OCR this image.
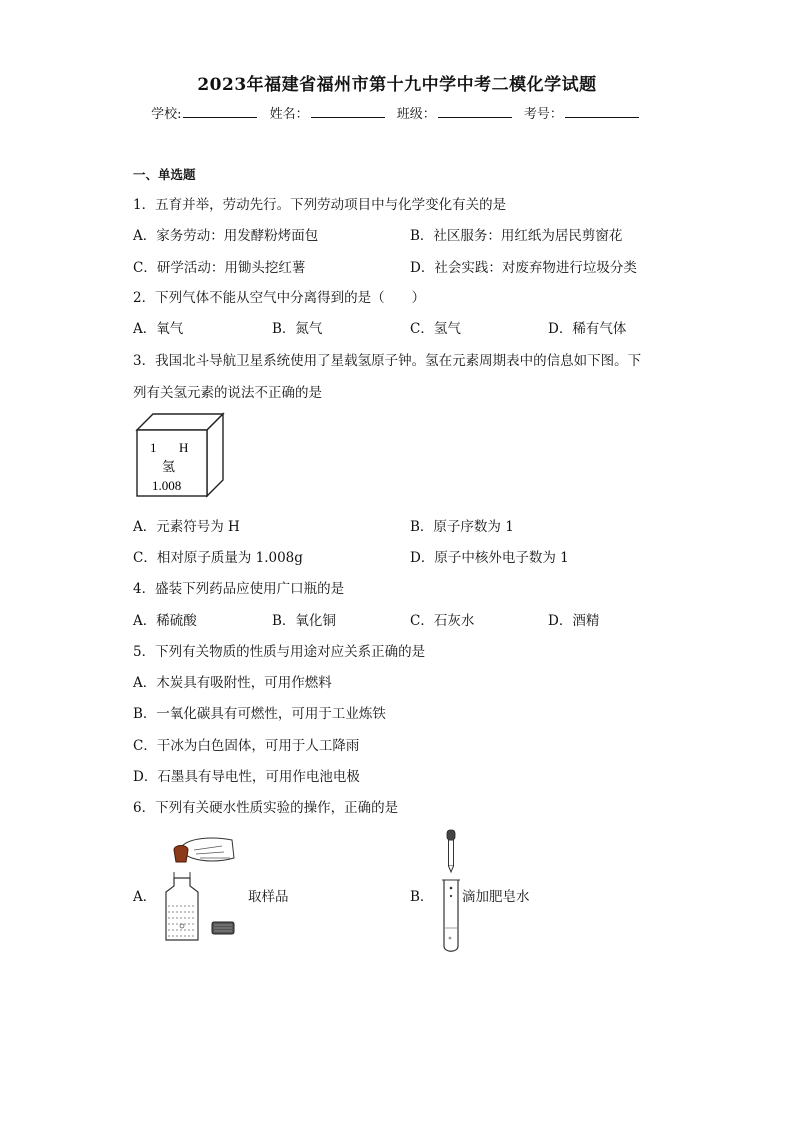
2023年福建省福州市第十九中学中考二模化学试题
学校:	姓名：	班级：	考号：
一、单选题
1．五育并举，劳动先行。下列劳动项目中与化学变化有关的是
A．家务劳动：用发酵粉烤面包	B．社区服务：用红纸为居民剪窗花
C．研学活动：用锄头挖红薯	D．社会实践：对废弃物进行垃圾分类
2．下列气体不能从空气中分离得到的是（　　）
A．氧气	B．氮气	C．氢气	D．稀有气体
3．我国北斗导航卫星系统使用了星载氢原子钟。氢在元素周期表中的信息如下图。下
列有关氢元素的说法不正确的是
1 H
氢
1.008
A．元素符号为 H	B．原子序数为 1
C．相对原子质量为 1.008g	D．原子中核外电子数为 1
4．盛装下列药品应使用广口瓶的是
A．稀硫酸	B．氧化铜	C．石灰水	D．酒精
5．下列有关物质的性质与用途对应关系正确的是
A．木炭具有吸附性，可用作燃料
B．一氧化碳具有可燃性，可用于工业炼铁
C．干冰为白色固体，可用于人工降雨
D．石墨具有导电性，可用作电池电极
6．下列有关硬水性质实验的操作，正确的是
A．	取样品	B． 滴加肥皂水
